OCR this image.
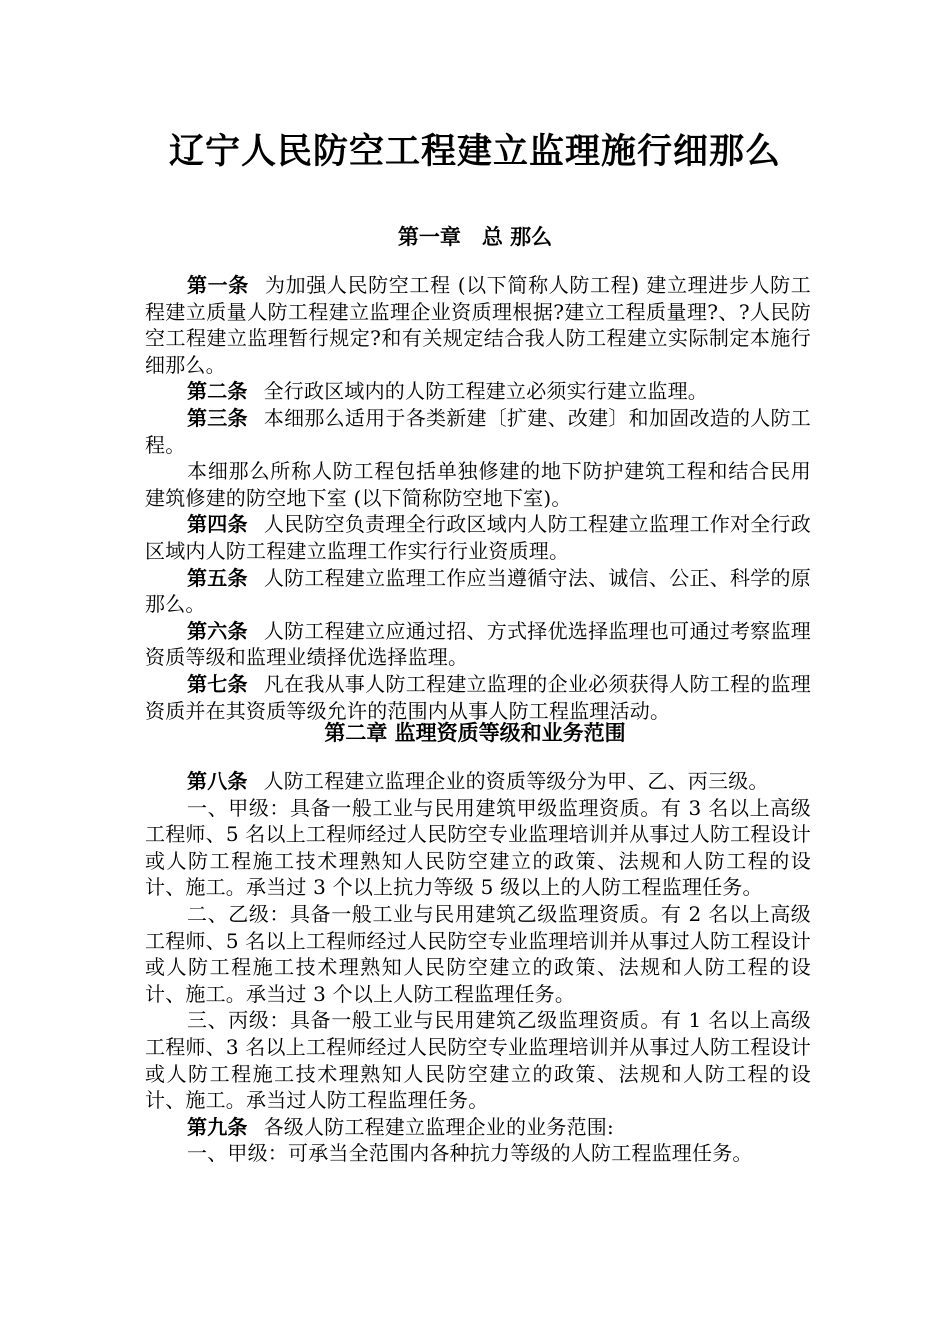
辽宁人民防空工程建立监理施行细那么
第一章　总 那么

第一条 为加强人民防空工程 (以下简称人防工程) 建立理进步人防工程建立质量人防工程建立监理企业资质理根据?建立工程质量理?、?人民防空工程建立监理暂行规定?和有关规定结合我人防工程建立实际制定本施行细那么。

第二条 全行政区域内的人防工程建立必须实行建立监理。

第三条 本细那么适用于各类新建〔扩建、改建〕和加固改造的人防工程。

本细那么所称人防工程包括单独修建的地下防护建筑工程和结合民用建筑修建的防空地下室 (以下简称防空地下室)。

第四条 人民防空负责理全行政区域内人防工程建立监理工作对全行政区域内人防工程建立监理工作实行行业资质理。

第五条 人防工程建立监理工作应当遵循守法、诚信、公正、科学的原那么。

第六条 人防工程建立应通过招、方式择优选择监理也可通过考察监理资质等级和监理业绩择优选择监理。

第七条 凡在我从事人防工程建立监理的企业必须获得人防工程的监理资质并在其资质等级允许的范围内从事人防工程监理活动。

第二章 监理资质等级和业务范围

第八条 人防工程建立监理企业的资质等级分为甲、乙、丙三级。

一、甲级：具备一般工业与民用建筑甲级监理资质。有 3 名以上高级工程师、5 名以上工程师经过人民防空专业监理培训并从事过人防工程设计或人防工程施工技术理熟知人民防空建立的政策、法规和人防工程的设计、施工。承当过 3 个以上抗力等级 5 级以上的人防工程监理任务。

二、乙级：具备一般工业与民用建筑乙级监理资质。有 2 名以上高级工程师、5 名以上工程师经过人民防空专业监理培训并从事过人防工程设计或人防工程施工技术理熟知人民防空建立的政策、法规和人防工程的设计、施工。承当过 3 个以上人防工程监理任务。

三、丙级：具备一般工业与民用建筑乙级监理资质。有 1 名以上高级工程师、3 名以上工程师经过人民防空专业监理培训并从事过人防工程设计或人防工程施工技术理熟知人民防空建立的政策、法规和人防工程的设计、施工。承当过人防工程监理任务。

第九条 各级人防工程建立监理企业的业务范围:

一、甲级：可承当全范围内各种抗力等级的人防工程监理任务。
